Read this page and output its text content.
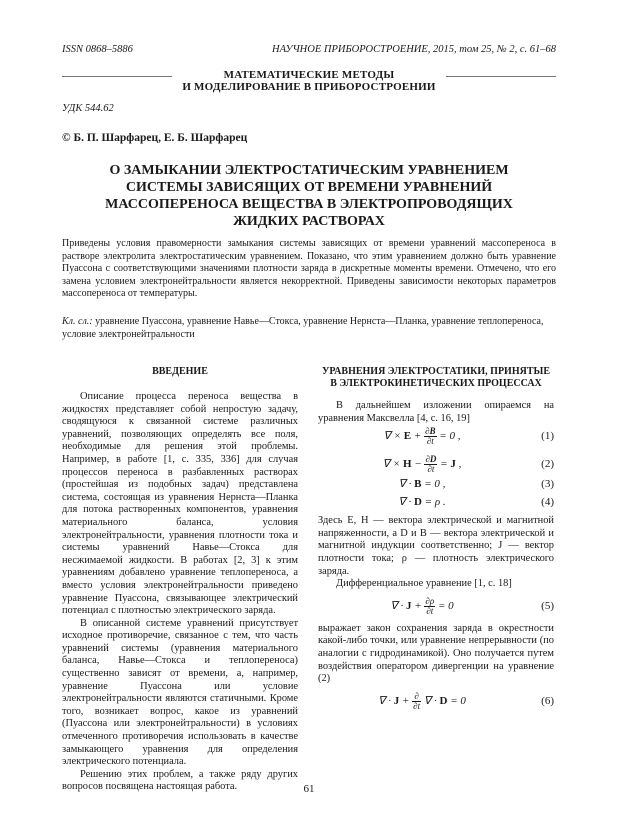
ISSN 0868–5886	НАУЧНОЕ ПРИБОРОСТРОЕНИЕ, 2015, том 25, № 2, с. 61–68
МАТЕМАТИЧЕСКИЕ МЕТОДЫ
И МОДЕЛИРОВАНИЕ В ПРИБОРОСТРОЕНИИ
УДК 544.62
© Б. П. Шарфарец, Е. Б. Шарфарец
О ЗАМЫКАНИИ ЭЛЕКТРОСТАТИЧЕСКИМ УРАВНЕНИЕМ
СИСТЕМЫ ЗАВИСЯЩИХ ОТ ВРЕМЕНИ УРАВНЕНИЙ
МАССОПЕРЕНОСА ВЕЩЕСТВА В ЭЛЕКТРОПРОВОДЯЩИХ
ЖИДКИХ РАСТВОРАХ
Приведены условия правомерности замыкания системы зависящих от времени уравнений массопереноса в растворе электролита электростатическим уравнением. Показано, что этим уравнением должно быть уравнение Пуассона с соответствующими значениями плотности заряда в дискретные моменты времени. Отмечено, что его замена условием электронейтральности является некорректной. Приведены зависимости некоторых параметров массопереноса от температуры.
Кл. сл.: уравнение Пуассона, уравнение Навье—Стокса, уравнение Нернста—Планка, уравнение теплопереноса, условие электронейтральности
ВВЕДЕНИЕ

Описание процесса переноса вещества в жидкостях представляет собой непростую задачу, сводящуюся к связанной системе различных уравнений, позволяющих определять все поля, необходимые для решения этой проблемы. Например, в работе [1, с. 335, 336] для случая процессов переноса в разбавленных растворах (простейшая из подобных задач) представлена система, состоящая из уравнения Нернста—Планка для потока растворенных компонентов, уравнения материального баланса, условия электронейтральности, уравнения плотности тока и системы уравнений Навье—Стокса для несжимаемой жидкости. В работах [2, 3] к этим уравнениям добавлено уравнение теплопереноса, а вместо условия электронейтральности приведено уравнение Пуассона, связывающее электрический потенциал с плотностью электрического заряда.

В описанной системе уравнений присутствует исходное противоречие, связанное с тем, что часть уравнений системы (уравнения материального баланса, Навье—Стокса и теплопереноса) существенно зависят от времени, а, например, уравнение Пуассона или условие электронейтральности являются статичными. Кроме того, возникает вопрос, какое из уравнений (Пуассона или электронейтральности) в условиях отмеченного противоречия использовать в качестве замыкающего уравнения для определения электрического потенциала.

Решению этих проблем, а также ряду других вопросов посвящена настоящая работа.

УРАВНЕНИЯ ЭЛЕКТРОСТАТИКИ, ПРИНЯТЫЕ
В ЭЛЕКТРОКИНЕТИЧЕСКИХ ПРОЦЕССАХ

В дальнейшем изложении опираемся на уравнения Максвелла [4, с. 16, 19]

∇ × $E + \frac{\partial B}{\partial t} = 0$ ,	(1)
∇ × $H - \frac{\partial D}{\partial t} = J$ ,	(2)
∇ · B = 0 ,	(3)
∇ · D = ρ .	(4)

Здесь E, H — вектора электрической и магнитной напряженности, а D и B — вектора электрической и магнитной индукции соответственно; J — вектор плотности тока; ρ — плотность электрического заряда.

Дифференциальное уравнение [1, с. 18]

∇ · $J + \frac{\partial\rho}{\partial t} = 0$	(5)

выражает закон сохранения заряда в окрестности какой-либо точки, или уравнение непрерывности (по аналогии с гидродинамикой). Оно получается путем воздействия оператором дивергенции на уравнение (2)

∇ · $J + \frac{\partial}{\partial t}$ ∇ · D = 0	(6)
61
